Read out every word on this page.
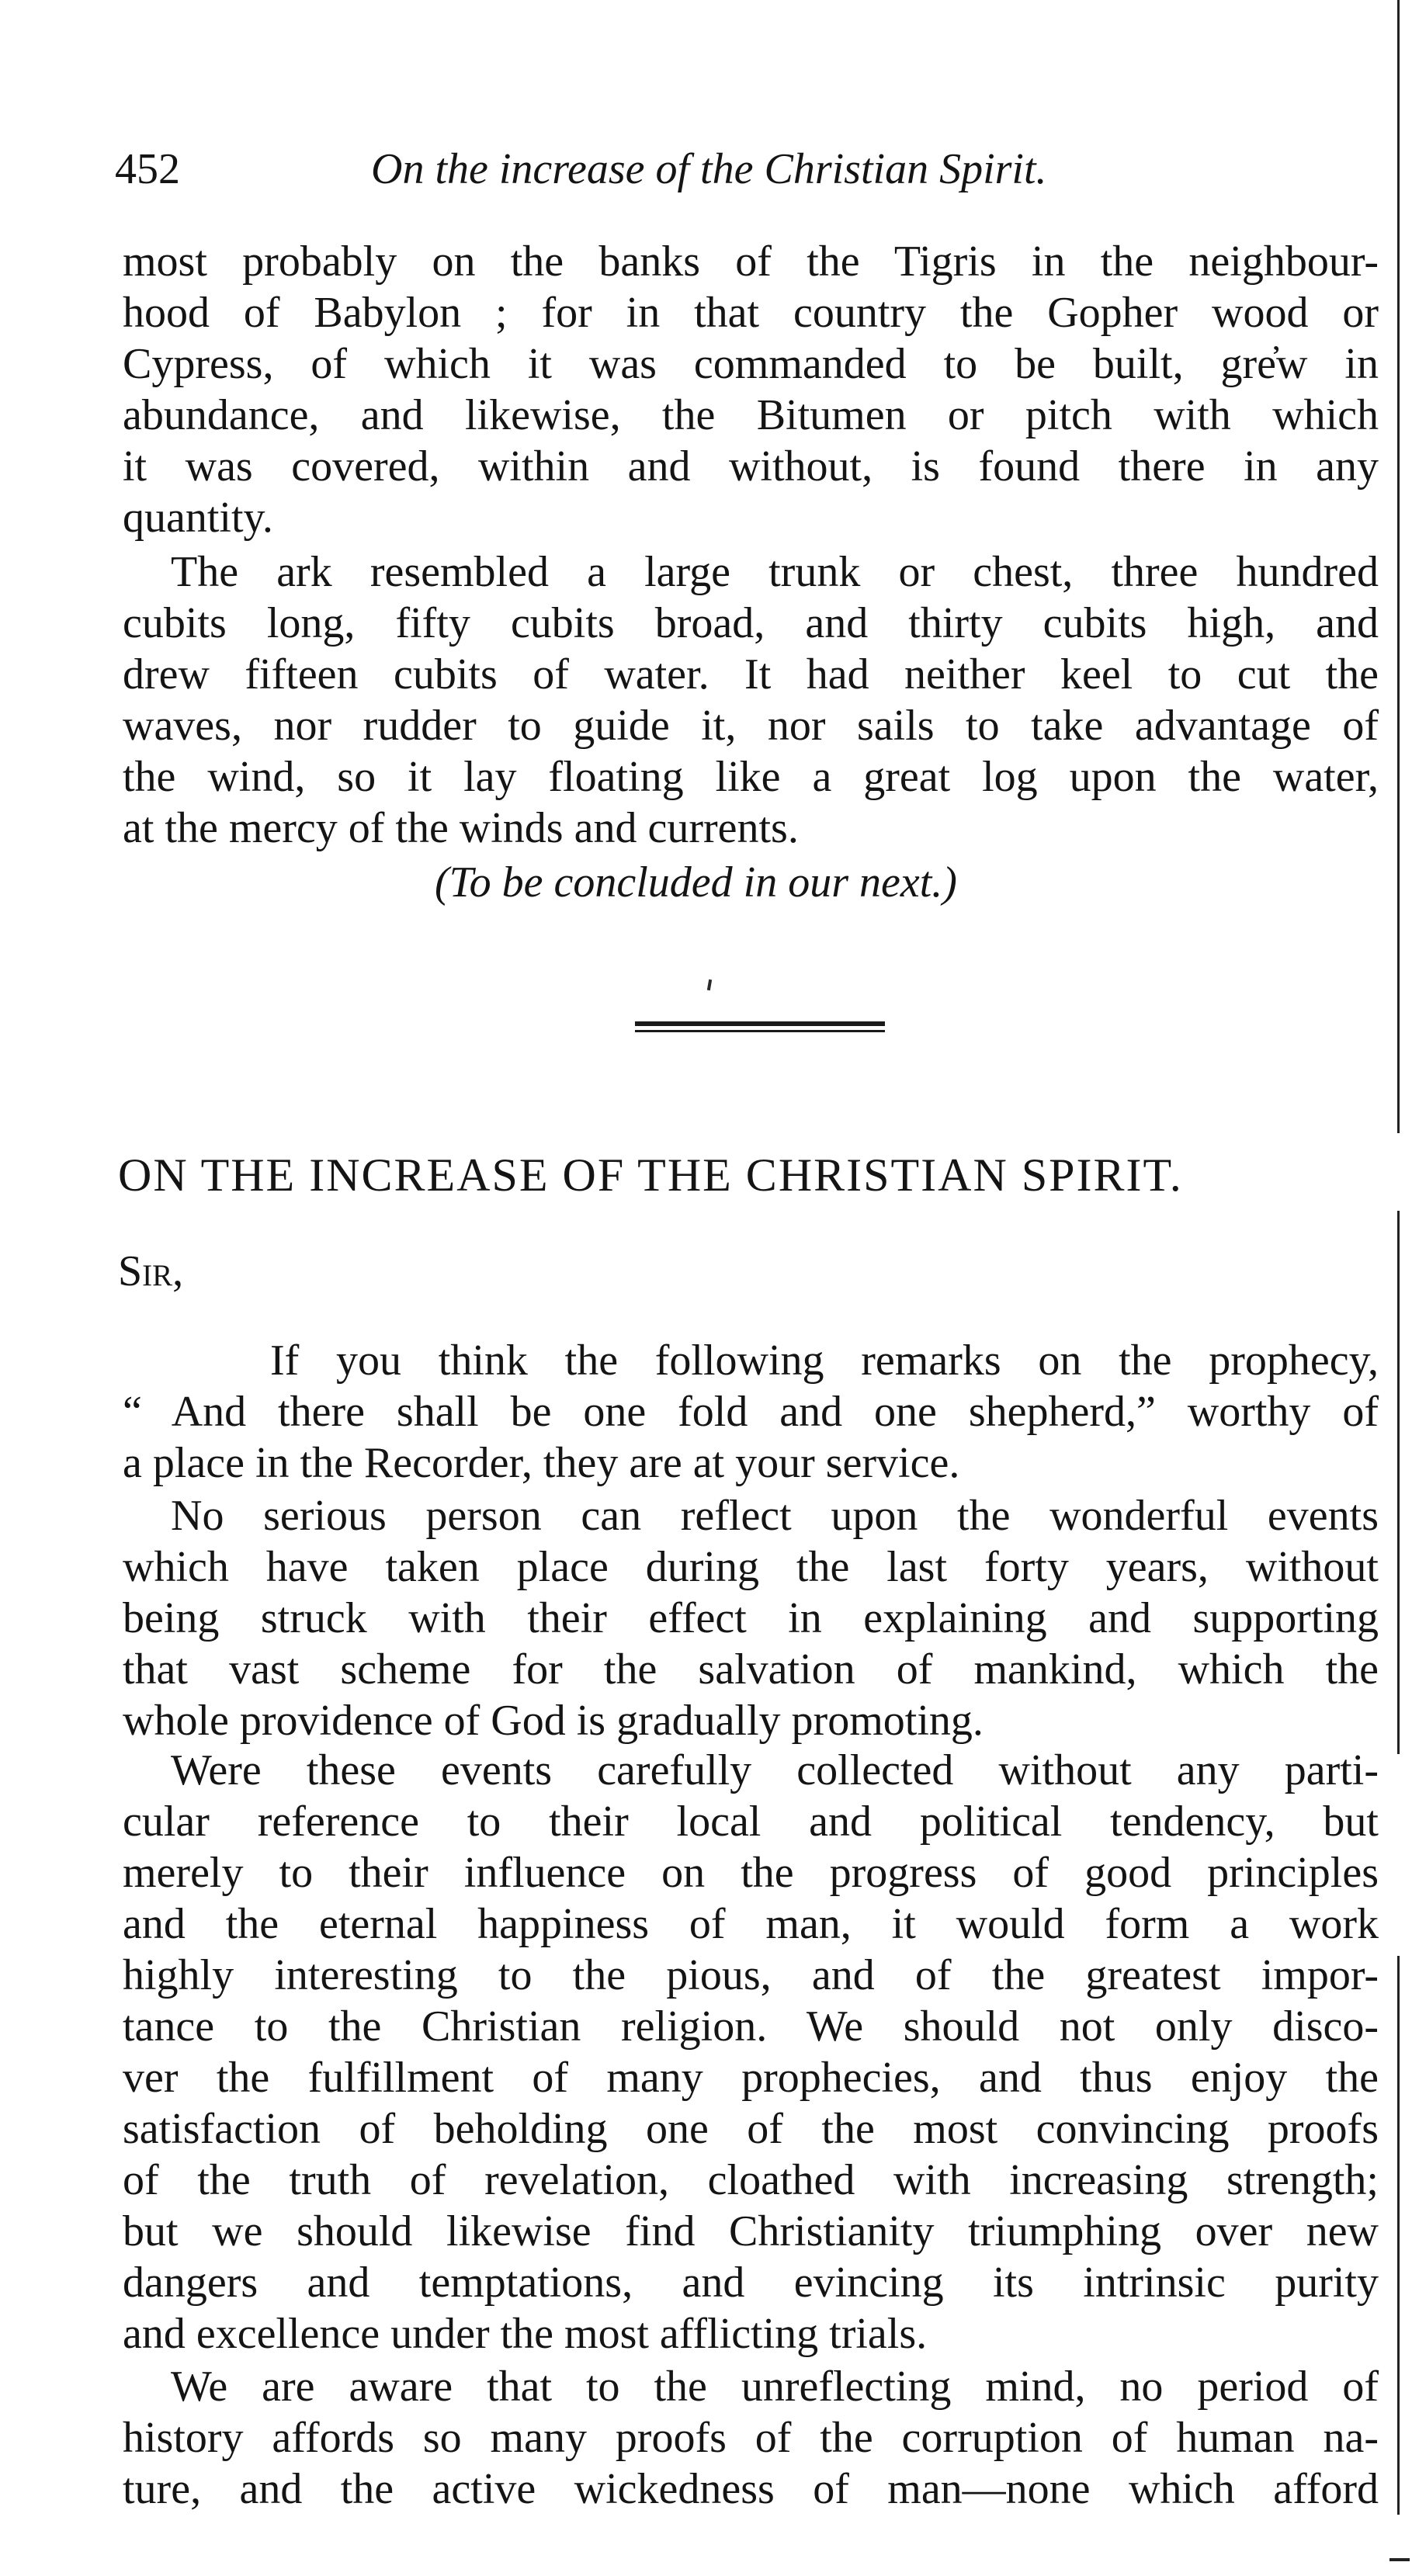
452	On the increase of the Christian Spirit.
most probably on the banks of the Tigris in the neighbour-
hood of Babylon ; for in that country the Gopher wood or
Cypress, of which it was commanded to be built, gre̓w in
abundance, and likewise, the Bitumen or pitch with which
it was covered, within and without, is found there in any
quantity.
The ark resembled a large trunk or chest, three hundred
cubits long, fifty cubits broad, and thirty cubits high, and
drew fifteen cubits of water. It had neither keel to cut the
waves, nor rudder to guide it, nor sails to take advantage of
the wind, so it lay floating like a great log upon the water,
at the mercy of the winds and currents.
(To be concluded in our next.)
ON THE INCREASE OF THE CHRISTIAN SPIRIT.
Sir,
If you think the following remarks on the prophecy,
“ And there shall be one fold and one shepherd,” worthy of
a place in the Recorder, they are at your service.
No serious person can reflect upon the wonderful events
which have taken place during the last forty years, without
being struck with their effect in explaining and supporting
that vast scheme for the salvation of mankind, which the
whole providence of God is gradually promoting.
Were these events carefully collected without any parti-
cular reference to their local and political tendency, but
merely to their influence on the progress of good principles
and the eternal happiness of man, it would form a work
highly interesting to the pious, and of the greatest impor-
tance to the Christian religion. We should not only disco-
ver the fulfillment of many prophecies, and thus enjoy the
satisfaction of beholding one of the most convincing proofs
of the truth of revelation, cloathed with increasing strength;
but we should likewise find Christianity triumphing over new
dangers and temptations, and evincing its intrinsic purity
and excellence under the most afflicting trials.
We are aware that to the unreflecting mind, no period of
history affords so many proofs of the corruption of human na-
ture, and the active wickedness of man—none which afford
